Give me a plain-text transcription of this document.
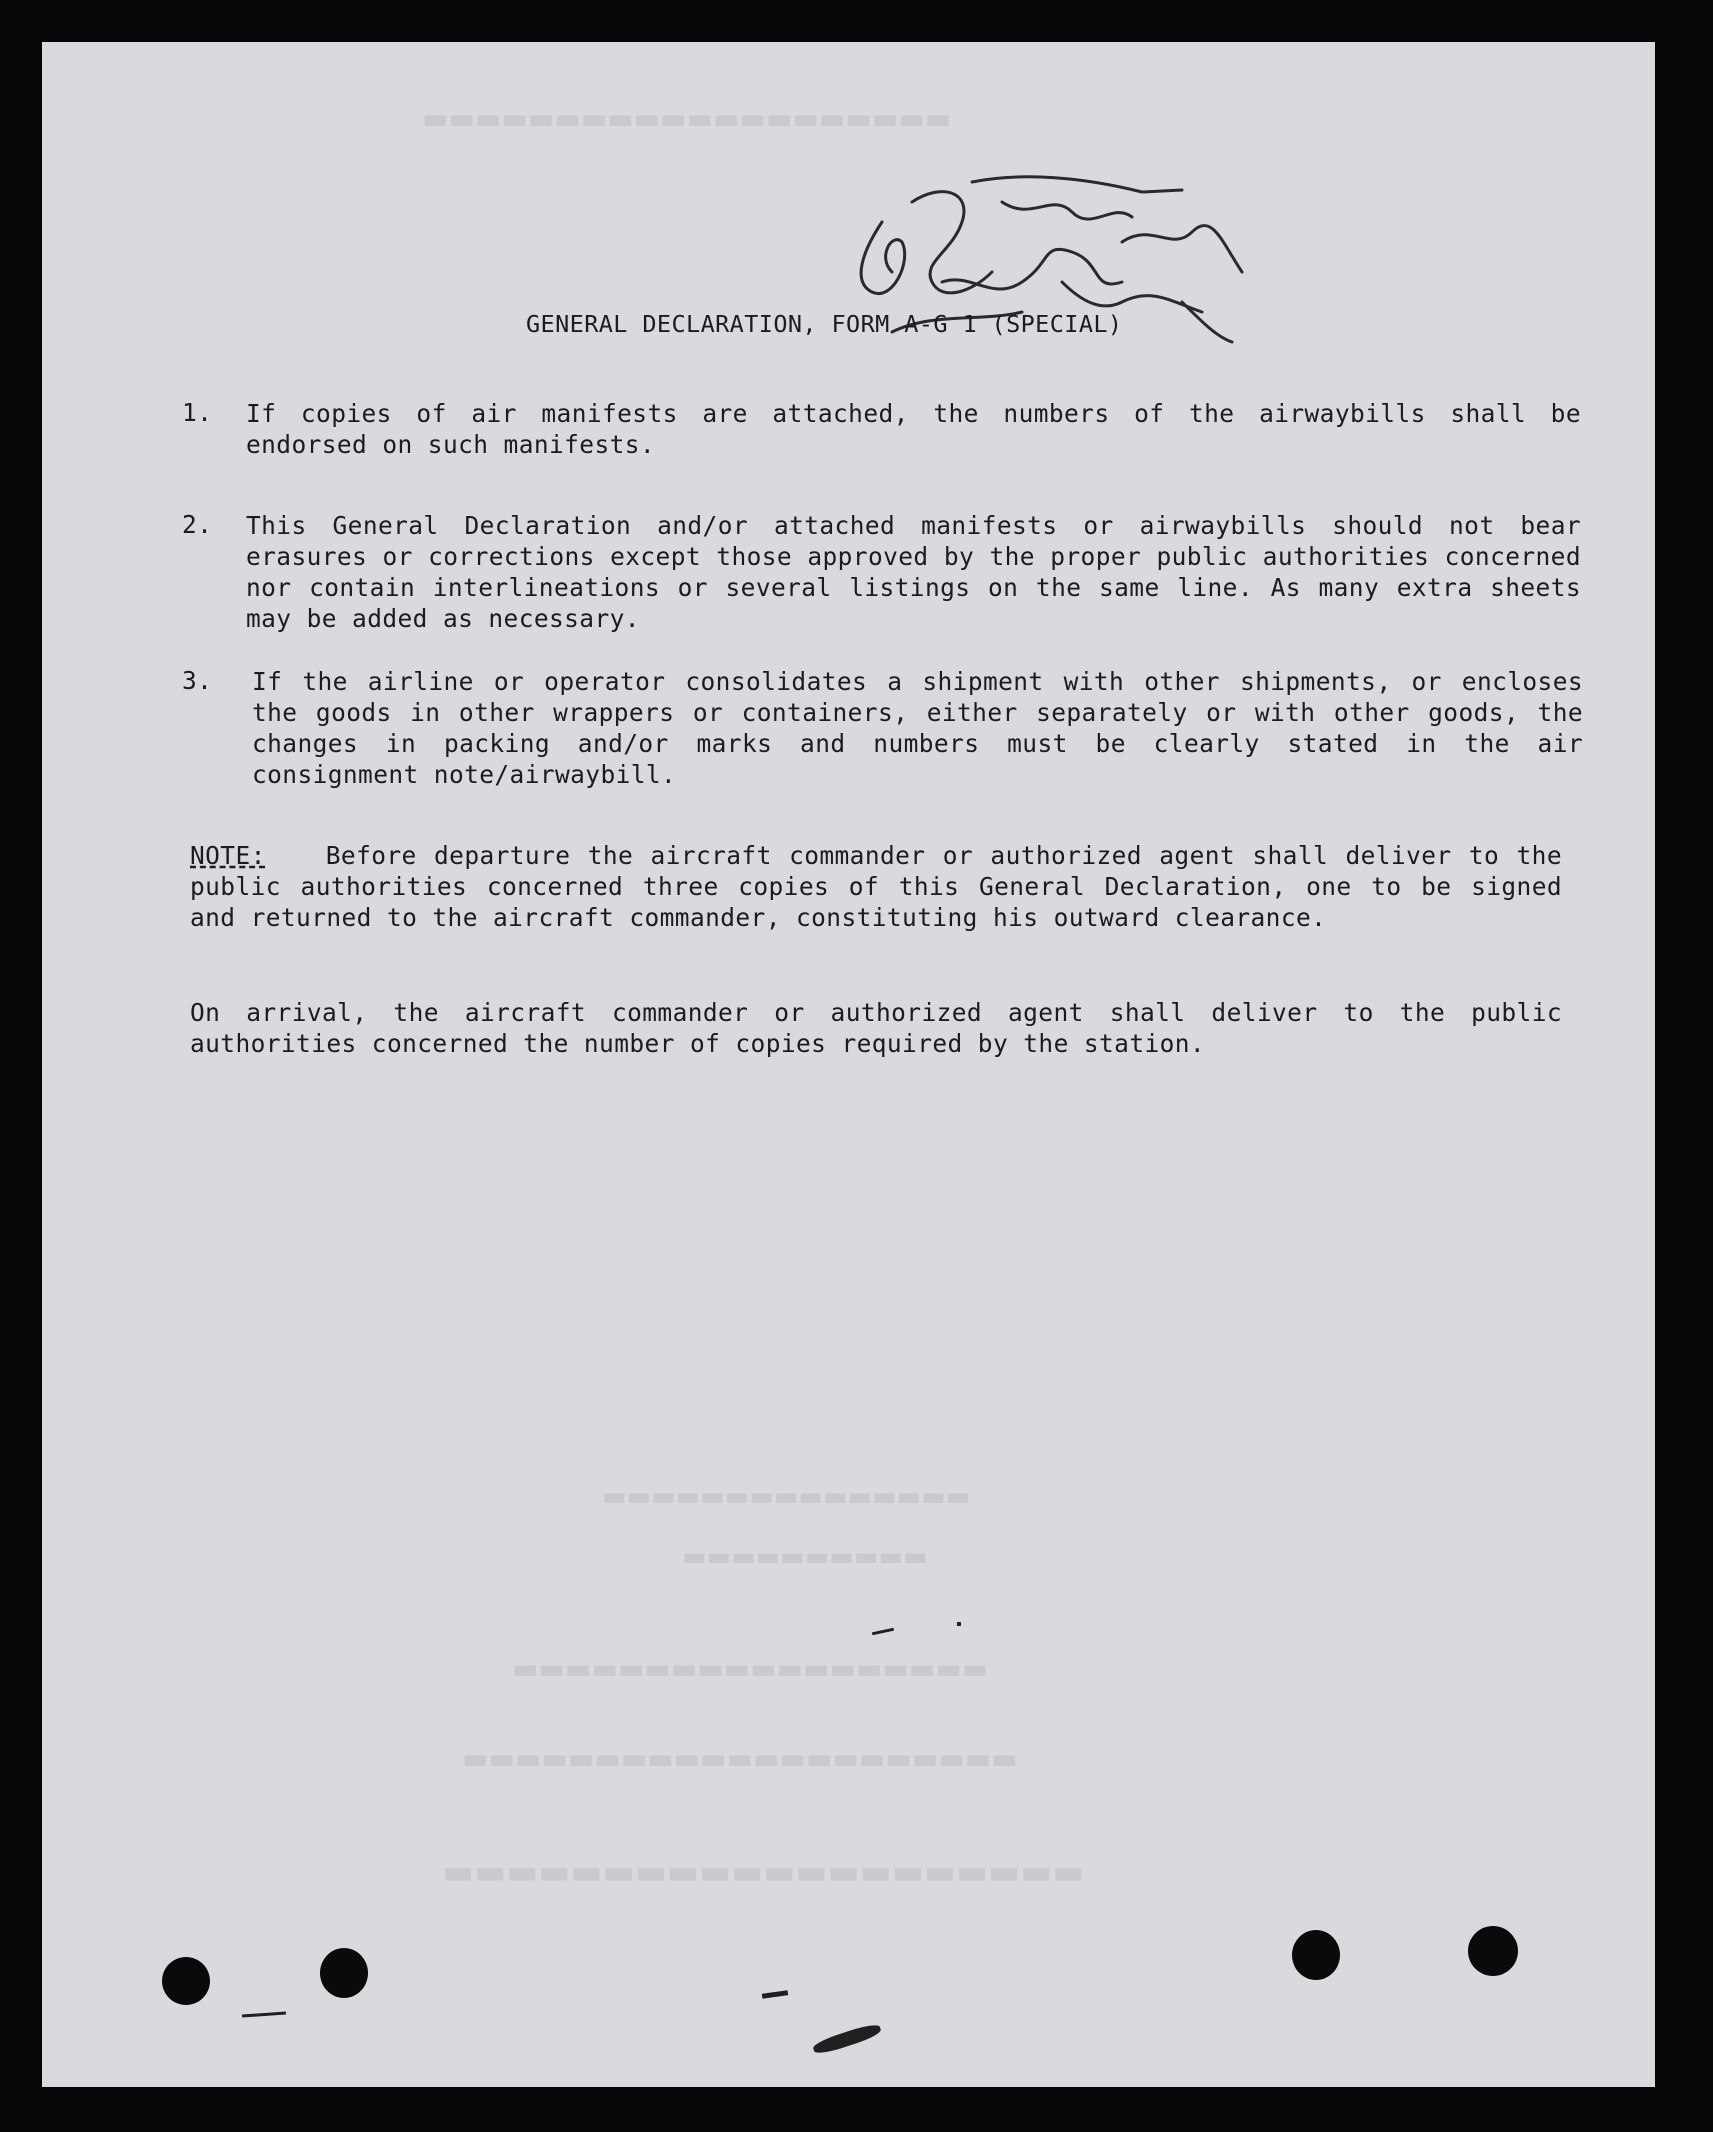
▬▬▬▬▬▬▬▬▬▬▬▬▬▬▬▬▬▬▬▬
▬▬▬▬▬▬▬▬▬▬▬▬▬▬▬
▬▬▬▬▬▬▬▬▬▬
▬▬▬▬▬▬▬▬▬▬▬▬▬▬▬▬▬▬
▬▬▬▬▬▬▬▬▬▬▬▬▬▬▬▬▬▬▬▬▬
▬▬▬▬▬▬▬▬▬▬▬▬▬▬▬▬▬▬▬▬

GENERAL DECLARATION, FORM A-G 1 (SPECIAL)

1.	If copies of air manifests are attached, the numbers of the airwaybills shall be endorsed on such manifests.
2.	This General Declaration and/or attached manifests or airwaybills should not bear erasures or corrections except those approved by the proper public authorities concerned nor contain interlineations or several listings on the same line. As many extra sheets may be added as necessary.
3.	If the airline or operator consolidates a shipment with other shipments, or encloses the goods in other wrappers or containers, either separately or with other goods, the changes in packing and/or marks and numbers must be clearly stated in the air consignment note/airwaybill.

NOTE: Before departure the aircraft commander or authorized agent shall deliver to the public authorities concerned three copies of this General Declaration, one to be signed and returned to the aircraft commander, constituting his outward clearance.

On arrival, the aircraft commander or authorized agent shall deliver to the public authorities concerned the number of copies required by the station.
